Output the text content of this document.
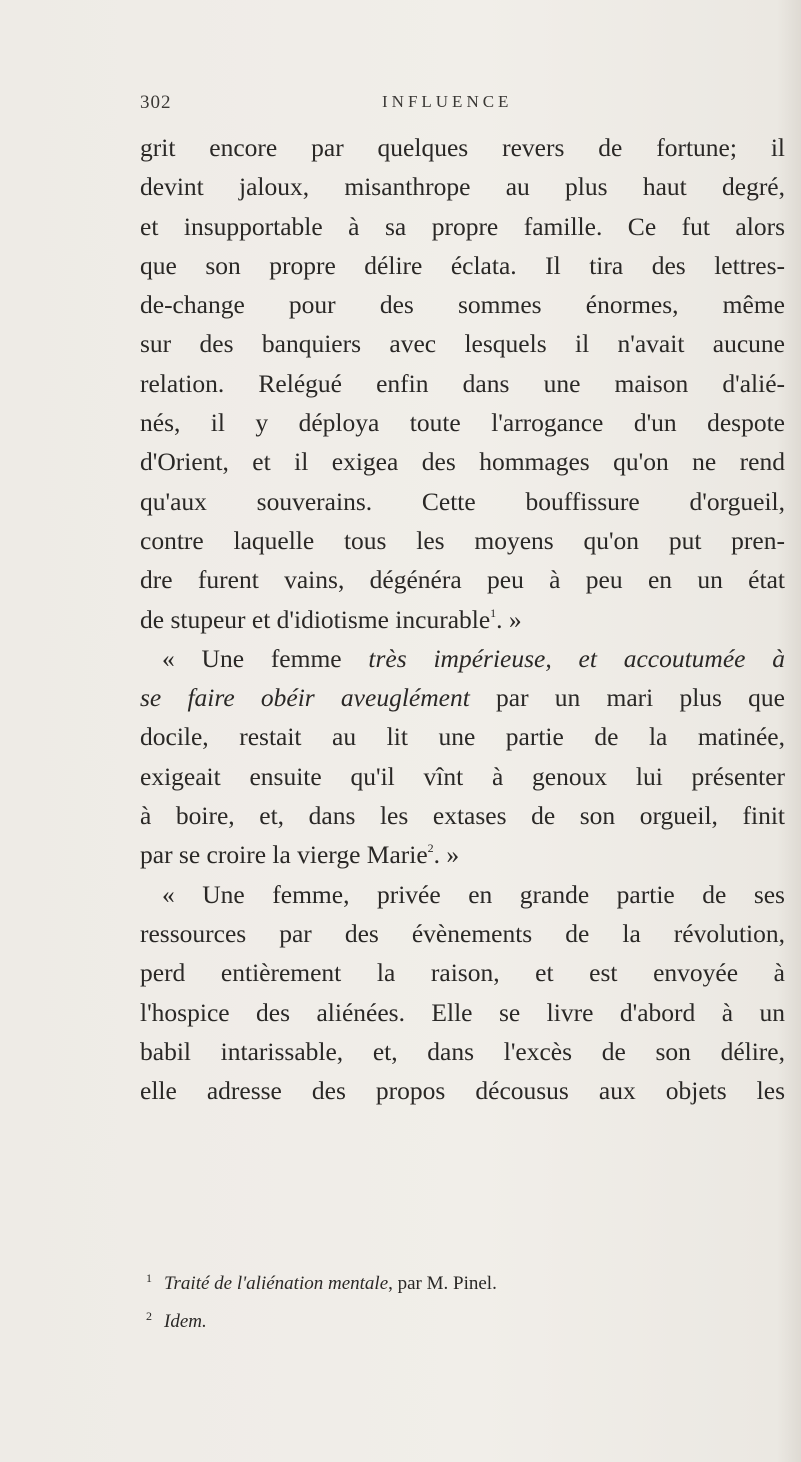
302	INFLUENCE
grit encore par quelques revers de fortune; il
devint jaloux, misanthrope au plus haut degré,
et insupportable à sa propre famille. Ce fut alors
que son propre délire éclata. Il tira des lettres-
de-change pour des sommes énormes, même
sur des banquiers avec lesquels il n'avait aucune
relation. Relégué enfin dans une maison d'alié-
nés, il y déploya toute l'arrogance d'un despote
d'Orient, et il exigea des hommages qu'on ne rend
qu'aux souverains. Cette bouffissure d'orgueil,
contre laquelle tous les moyens qu'on put pren-
dre furent vains, dégénéra peu à peu en un état
de stupeur et d'idiotisme incurable$^1$. »
« Une femme très impérieuse, et accoutumée à
se faire obéir aveuglément par un mari plus que
docile, restait au lit une partie de la matinée,
exigeait ensuite qu'il vînt à genoux lui présenter
à boire, et, dans les extases de son orgueil, finit
par se croire la vierge Marie$^2$. »
« Une femme, privée en grande partie de ses
ressources par des évènements de la révolution,
perd entièrement la raison, et est envoyée à
l'hospice des aliénées. Elle se livre d'abord à un
babil intarissable, et, dans l'excès de son délire,
elle adresse des propos décousus aux objets les
1 Traité de l'aliénation mentale, par M. Pinel.
2 Idem.
